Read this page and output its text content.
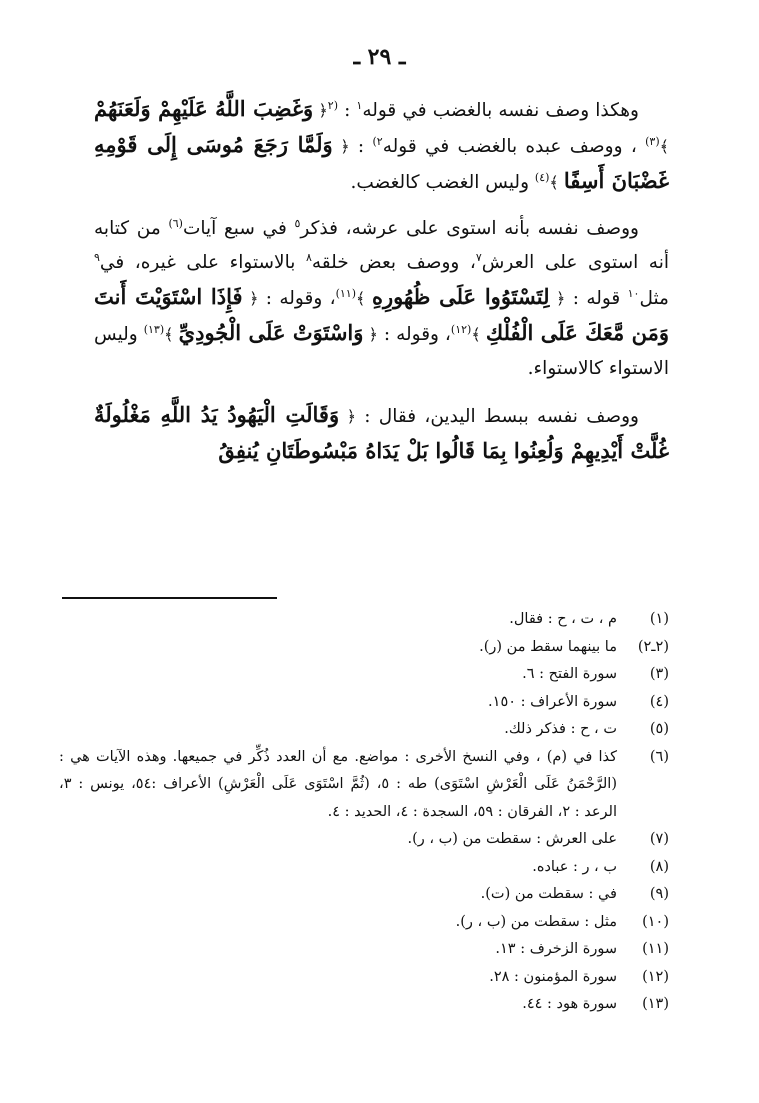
ـ ٢٩ ـ

وهكذا وصف نفسه بالغضب في قوله$^١$ : $^{(٢}$﴿ وَغَضِبَ اللَّهُ عَلَيْهِمْ وَلَعَنَهُمْ ﴾$^{(٣)}$ ، ووصف عبده بالغضب في قوله$^{٢)}$ : ﴿ وَلَمَّا رَجَعَ مُوسَى إِلَى قَوْمِهِ غَضْبَانَ أَسِفًا ﴾$^{(٤)}$ وليس الغضب كالغضب.

ووصف نفسه بأنه استوى على عرشه، فذكر$^٥$ في سبع آيات$^{(٦)}$ من كتابه أنه استوى على العرش$^٧$، ووصف بعض خلقه$^٨$ بالاستواء على غيره، في$^٩$ مثل$^{١٠}$ قوله : ﴿ لِتَسْتَوُوا عَلَى ظُهُورِهِ ﴾$^{(١١)}$، وقوله : ﴿ فَإِذَا اسْتَوَيْتَ أَنتَ وَمَن مَّعَكَ عَلَى الْفُلْكِ ﴾$^{(١٢)}$، وقوله : ﴿ وَاسْتَوَتْ عَلَى الْجُودِيِّ ﴾$^{(١٣)}$ وليس الاستواء كالاستواء.

ووصف نفسه ببسط اليدين، فقال : ﴿ وَقَالَتِ الْيَهُودُ يَدُ اللَّهِ مَغْلُولَةٌ غُلَّتْ أَيْدِيهِمْ وَلُعِنُوا بِمَا قَالُوا بَلْ يَدَاهُ مَبْسُوطَتَانِ يُنفِقُ

(١)
م ، ت ، ح : فقال.
(٢ـ٢)
ما بينهما سقط من (ر).
(٣)
سورة الفتح : ٦.
(٤)
سورة الأعراف : ١٥٠.
(٥)
ت ، ح : فذكر ذلك.
(٦)
كذا في (م) ، وفي النسخ الأخرى : مواضع. مع أن العدد ذُكِّر في جميعها. وهذه الآيات هي : (الرَّحْمَنُ عَلَى الْعَرْشِ اسْتَوَى) طه : ٥، (ثُمَّ اسْتَوَى عَلَى الْعَرْشِ) الأعراف :٥٤، يونس : ٣، الرعد : ٢، الفرقان : ٥٩، السجدة : ٤، الحديد : ٤.
(٧)
على العرش : سقطت من (ب ، ر).
(٨)
ب ، ر : عباده.
(٩)
في : سقطت من (ت).
(١٠)
مثل : سقطت من (ب ، ر).
(١١)
سورة الزخرف : ١٣.
(١٢)
سورة المؤمنون : ٢٨.
(١٣)
سورة هود : ٤٤.
